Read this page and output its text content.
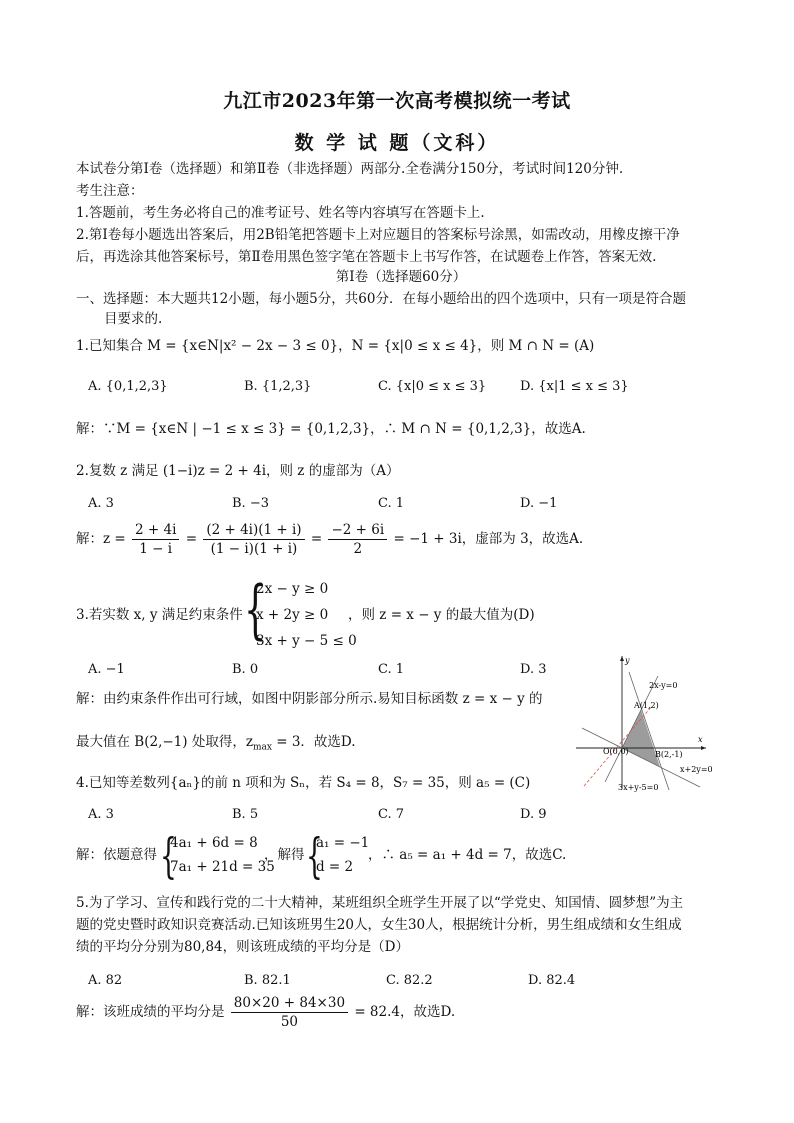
九江市2023年第一次高考模拟统一考试
数 学 试 题（文科）
本试卷分第Ⅰ卷（选择题）和第Ⅱ卷（非选择题）两部分.全卷满分150分，考试时间120分钟.
考生注意：
1.答题前，考生务必将自己的准考证号、姓名等内容填写在答题卡上.
2.第Ⅰ卷每小题选出答案后，用2B铅笔把答题卡上对应题目的答案标号涂黑，如需改动，用橡皮擦干净
后，再选涂其他答案标号，第Ⅱ卷用黑色签字笔在答题卡上书写作答，在试题卷上作答，答案无效.
第Ⅰ卷（选择题60分）
一、选择题：本大题共12小题，每小题5分，共60分．在每小题给出的四个选项中，只有一项是符合题
目要求的.
1.已知集合 M = {x∈N|x² − 2x − 3 ≤ 0}，N = {x|0 ≤ x ≤ 4}，则 M ∩ N = (A)
A. {0,1,2,3}	B. {1,2,3}	C. {x|0 ≤ x ≤ 3}	D. {x|1 ≤ x ≤ 3}
解：∵M = {x∈N | −1 ≤ x ≤ 3} = {0,1,2,3}，∴ M ∩ N = {0,1,2,3}，故选A.
2.复数 z 满足 (1−i)z = 2 + 4i，则 z 的虚部为（A）
A. 3	B. −3	C. 1	D. −1
解：$z = \frac{2 + 4i}{1 - i} = \frac{(2 + 4i)(1 + i)}{(1 - i)(1 + i)} = \frac{-2 + 6i}{2} = -1 + 3i$，虚部为 3，故选A.
3.若实数 x, y 满足约束条件 {
2x − y ≥ 0
x + 2y ≥ 0
3x + y − 5 ≤ 0
，则 z = x − y 的最大值为(D)
A. −1	B. 0	C. 1	D. 3
解：由约束条件作出可行域，如图中阴影部分所示.易知目标函数 z = x − y 的
最大值在 B(2,−1) 处取得，$z_{max} = 3$．故选D.
y
x
O(0,0)
A(1,2)
B(2,-1)
2x-y=0
x+2y=0
3x+y-5=0
4.已知等差数列{aₙ}的前 n 项和为 Sₙ，若 S₄ = 8，S₇ = 35，则 a₅ = (C)
A. 3	B. 5	C. 7	D. 9
解：依题意得 {
4a₁ + 6d = 8
7a₁ + 21d = 35
，解得 {
a₁ = −1
d = 2
，∴ a₅ = a₁ + 4d = 7，故选C.
5.为了学习、宣传和践行党的二十大精神，某班组织全班学生开展了以“学党史、知国情、圆梦想”为主
题的党史暨时政知识竞赛活动.已知该班男生20人，女生30人，根据统计分析，男生组成绩和女生组成
绩的平均分分别为80,84，则该班成绩的平均分是（D）
A. 82	B. 82.1	C. 82.2	D. 82.4
解：该班成绩的平均分是 $\frac{80\times 20 + 84\times 30}{50} = 82.4$，故选D.
